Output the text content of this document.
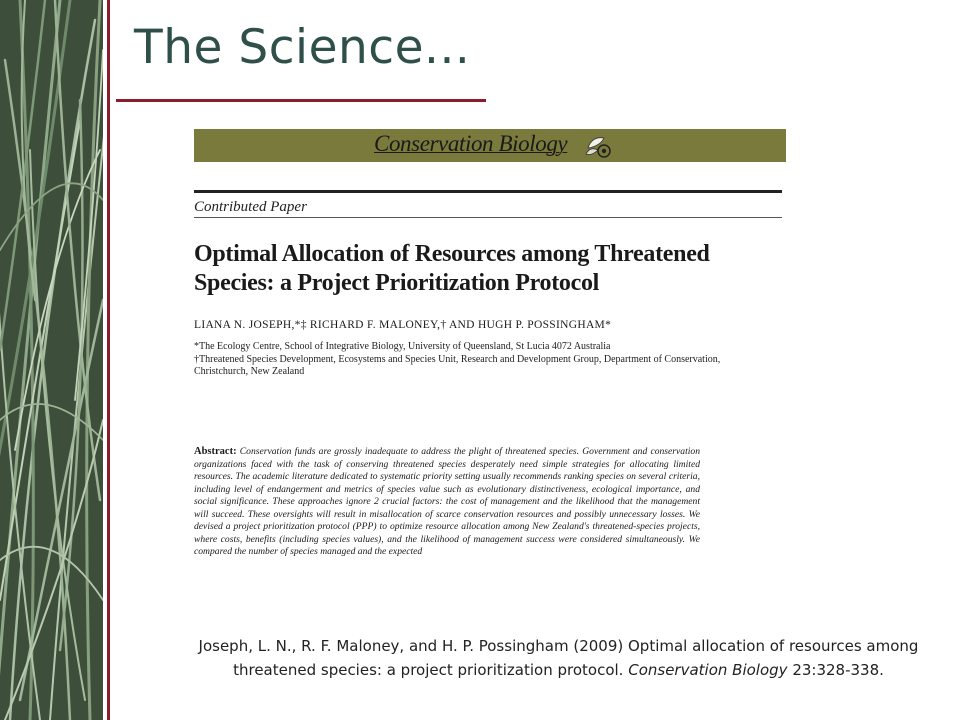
The Science...
Conservation Biology
Contributed Paper
Optimal Allocation of Resources among Threatened Species: a Project Prioritization Protocol
LIANA N. JOSEPH,*‡ RICHARD F. MALONEY,† AND HUGH P. POSSINGHAM*
*The Ecology Centre, School of Integrative Biology, University of Queensland, St Lucia 4072 Australia
†Threatened Species Development, Ecosystems and Species Unit, Research and Development Group, Department of Conservation,
Christchurch, New Zealand
Abstract: Conservation funds are grossly inadequate to address the plight of threatened species. Government and conservation organizations faced with the task of conserving threatened species desperately need simple strategies for allocating limited resources. The academic literature dedicated to systematic priority setting usually recommends ranking species on several criteria, including level of endangerment and metrics of species value such as evolutionary distinctiveness, ecological importance, and social significance. These approaches ignore 2 crucial factors: the cost of management and the likelihood that the management will succeed. These oversights will result in misallocation of scarce conservation resources and possibly unnecessary losses. We devised a project prioritization protocol (PPP) to optimize resource allocation among New Zealand's threatened-species projects, where costs, benefits (including species values), and the likelihood of management success were considered simultaneously. We compared the number of species managed and the expected
Joseph, L. N., R. F. Maloney, and H. P. Possingham (2009) Optimal allocation of resources among threatened species: a project prioritization protocol. Conservation Biology 23:328-338.
